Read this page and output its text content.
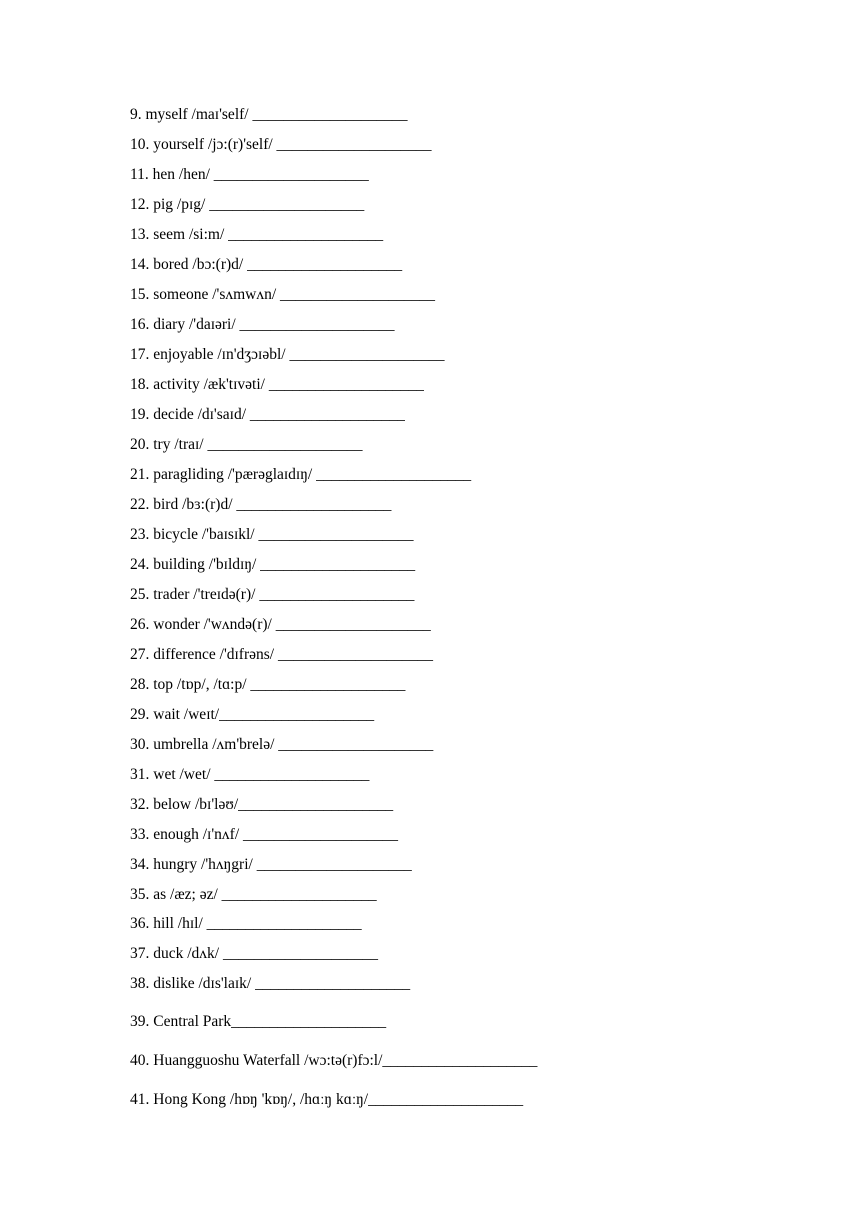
9. myself /maɪ'self/ ____________________
10. yourself /jɔ:(r)'self/ ____________________
11. hen /hen/ ____________________
12. pig /pɪg/ ____________________
13. seem /si:m/ ____________________
14. bored /bɔ:(r)d/ ____________________
15. someone /'sʌmwʌn/ ____________________
16. diary /'daɪəri/ ____________________
17. enjoyable /ɪn'dʒɔɪəbl/ ____________________
18. activity /æk'tɪvəti/ ____________________
19. decide /dɪ'saɪd/ ____________________
20. try /traɪ/ ____________________
21. paragliding /'pærəglaɪdɪŋ/ ____________________
22. bird /bɜ:(r)d/ ____________________
23. bicycle /'baɪsɪkl/ ____________________
24. building /'bɪldɪŋ/ ____________________
25. trader /'treɪdə(r)/ ____________________
26. wonder /'wʌndə(r)/ ____________________
27. difference /'dɪfrəns/ ____________________
28. top /tɒp/, /tɑ:p/ ____________________
29. wait /weɪt/____________________
30. umbrella /ʌm'brelə/ ____________________
31. wet /wet/ ____________________
32. below /bɪ'ləʊ/____________________
33. enough /ɪ'nʌf/ ____________________
34. hungry /'hʌŋgri/ ____________________
35. as /æz; əz/ ____________________
36. hill /hɪl/ ____________________
37. duck /dʌk/ ____________________
38. dislike /dɪs'laɪk/ ____________________
39. Central Park____________________
40. Huangguoshu Waterfall /wɔ:tə(r)fɔ:l/____________________
41. Hong Kong /hɒŋ 'kɒŋ/, /hɑːŋ kɑːŋ/____________________
